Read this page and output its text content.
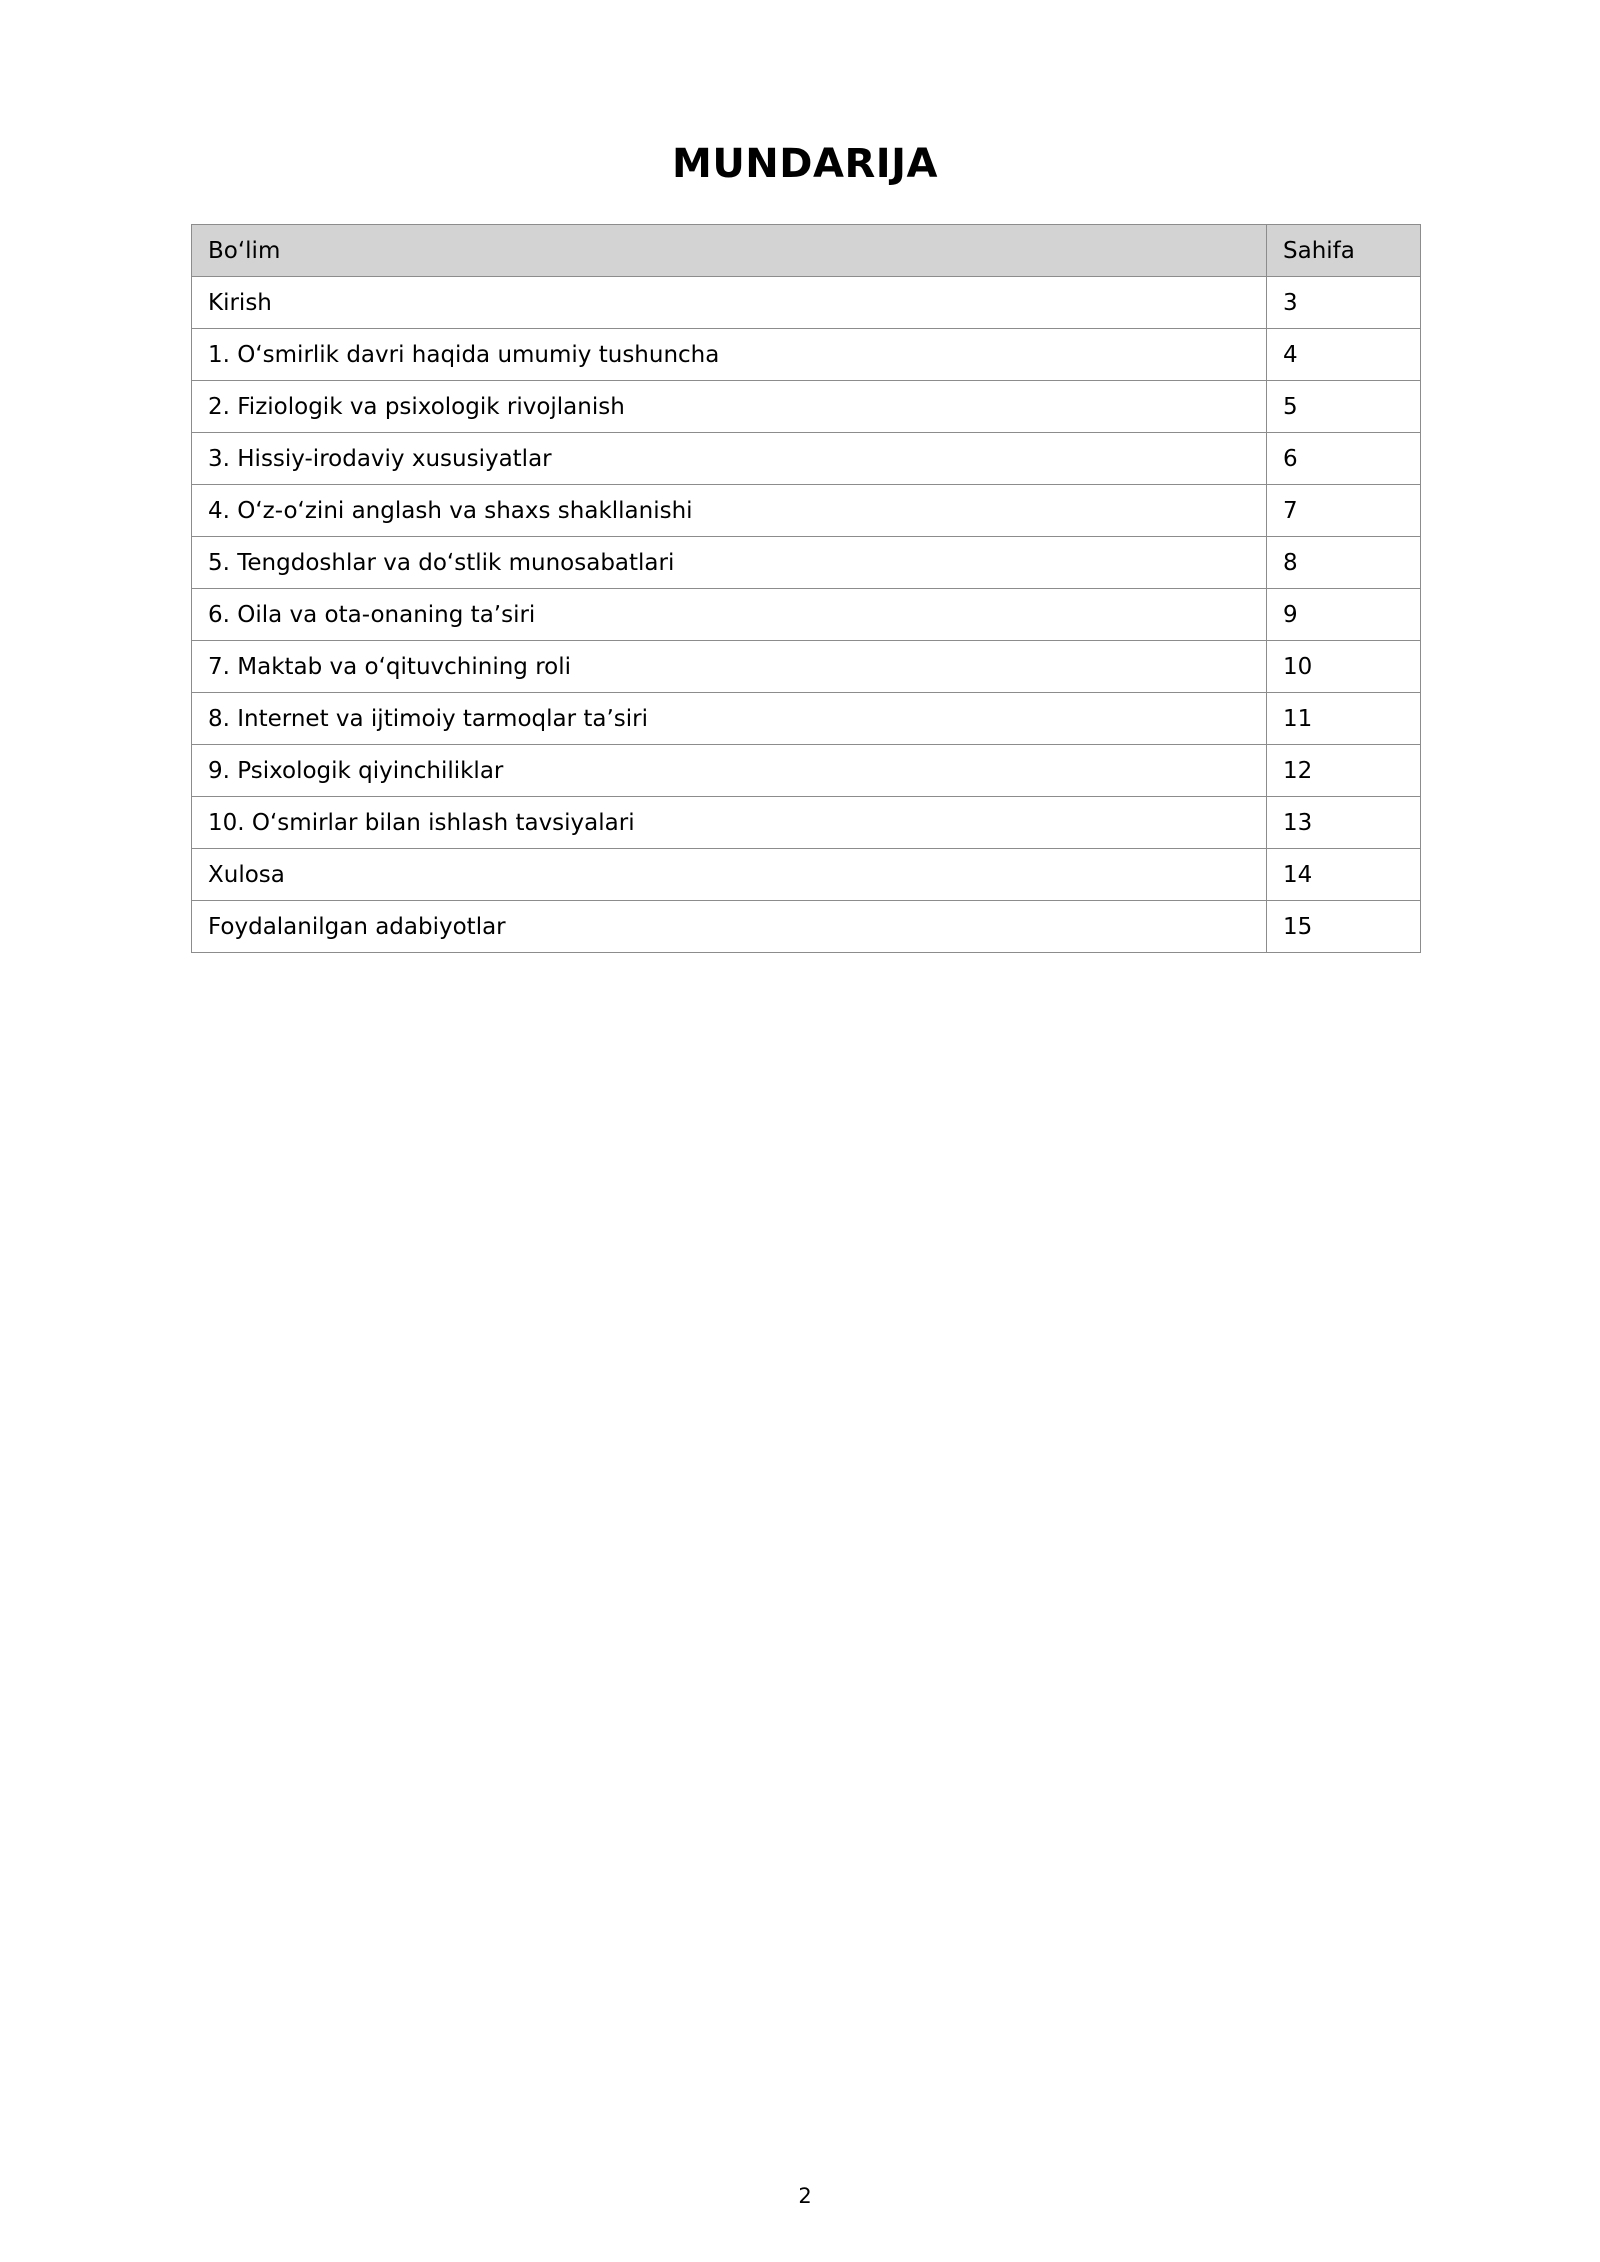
MUNDARIJA
Boʻlim	Sahifa
Kirish	3
1. Oʻsmirlik davri haqida umumiy tushuncha	4
2. Fiziologik va psixologik rivojlanish	5
3. Hissiy-irodaviy xususiyatlar	6
4. Oʻz-oʻzini anglash va shaxs shakllanishi	7
5. Tengdoshlar va doʻstlik munosabatlari	8
6. Oila va ota-onaning taʼsiri	9
7. Maktab va oʻqituvchining roli	10
8. Internet va ijtimoiy tarmoqlar taʼsiri	11
9. Psixologik qiyinchiliklar	12
10. Oʻsmirlar bilan ishlash tavsiyalari	13
Xulosa	14
Foydalanilgan adabiyotlar	15
2
